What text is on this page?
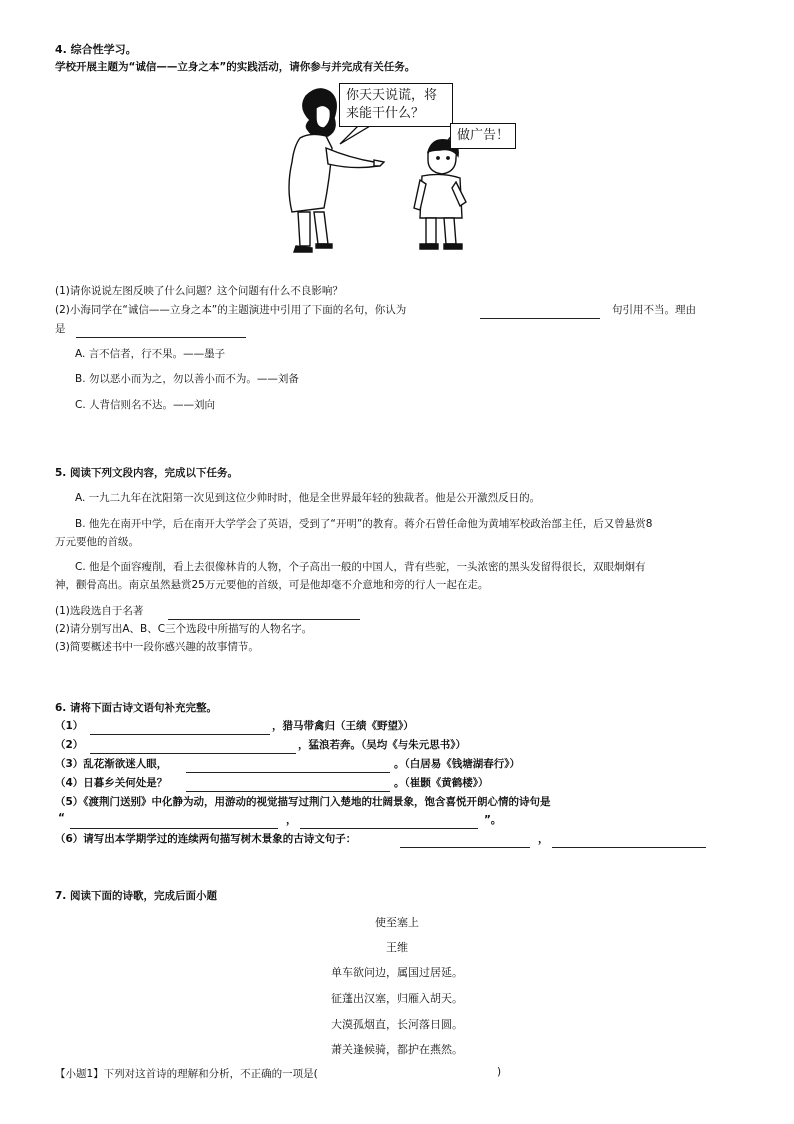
4. 综合性学习。
学校开展主题为“诚信——立身之本”的实践活动，请你参与并完成有关任务。
你天天说谎，将
来能干什么？
做广告！
(1)请你说说左图反映了什么问题？这个问题有什么不良影响？
(2)小海同学在“诚信——立身之本”的主题演进中引用了下面的名句，你认为	句引用不当。理由
是
A. 言不信者，行不果。——墨子
B. 勿以恶小而为之，勿以善小而不为。——刘备
C. 人背信则名不达。——刘向
5. 阅读下列文段内容，完成以下任务。
A. 一九二九年在沈阳第一次见到这位少帅时时，他是全世界最年轻的独裁者。他是公开激烈反日的。
B. 他先在南开中学，后在南开大学学会了英语，受到了“开明”的教育。蒋介石曾任命他为黄埔军校政治部主任，后又曾悬赏8
万元要他的首级。
C. 他是个面容瘦削，看上去很像林肯的人物，个子高出一般的中国人，背有些驼，一头浓密的黑头发留得很长，双眼炯炯有
神，颧骨高出。南京虽然悬赏25万元要他的首级，可是他却毫不介意地和旁的行人一起在走。
(1)选段选自于名著
(2)请分别写出A、B、C三个选段中所描写的人物名字。
(3)简要概述书中一段你感兴趣的故事情节。
6. 请将下面古诗文语句补充完整。
（1）	，猎马带禽归（王绩《野望》）
（2）	，猛浪若奔。（吴均《与朱元思书》）
（3）乱花渐欲迷人眼，	。（白居易《钱塘湖春行》）
（4）日暮乡关何处是？	。（崔颢《黄鹤楼》）
（5）《渡荆门送别》中化静为动，用游动的视觉描写过荆门入楚地的壮阔景象，饱含喜悦开朗心情的诗句是
“	，	”。
（6）请写出本学期学过的连续两句描写树木景象的古诗文句子：	，
7. 阅读下面的诗歌，完成后面小题
使至塞上
王维
单车欲问边，属国过居延。
征蓬出汉塞，归雁入胡天。
大漠孤烟直，长河落日圆。
萧关逢候骑，都护在燕然。
【小题1】下列对这首诗的理解和分析，不正确的一项是(	)
